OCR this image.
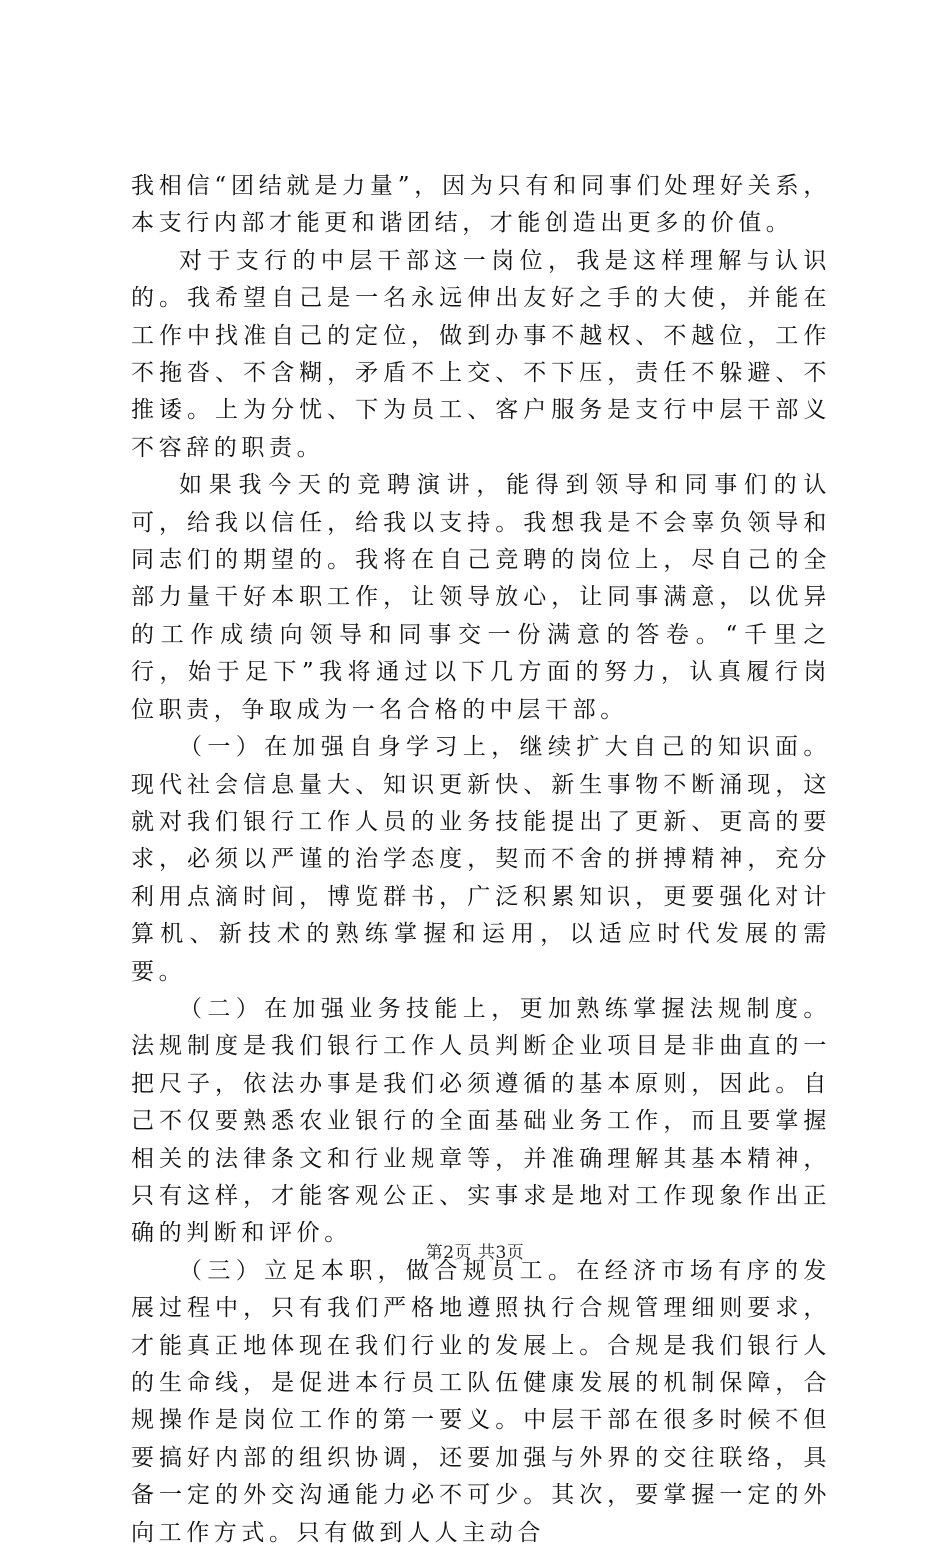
我相信“团结就是力量”，因为只有和同事们处理好关系，本支行内部才能更和谐团结，才能创造出更多的价值。

对于支行的中层干部这一岗位，我是这样理解与认识的。我希望自己是一名永远伸出友好之手的大使，并能在工作中找准自己的定位，做到办事不越权、不越位，工作不拖沓、不含糊，矛盾不上交、不下压，责任不躲避、不推诿。上为分忧、下为员工、客户服务是支行中层干部义不容辞的职责。

如果我今天的竞聘演讲，能得到领导和同事们的认可，给我以信任，给我以支持。我想我是不会辜负领导和同志们的期望的。我将在自己竞聘的岗位上，尽自己的全部力量干好本职工作，让领导放心，让同事满意，以优异的工作成绩向领导和同事交一份满意的答卷。“千里之行，始于足下”我将通过以下几方面的努力，认真履行岗位职责，争取成为一名合格的中层干部。

（一）在加强自身学习上，继续扩大自己的知识面。现代社会信息量大、知识更新快、新生事物不断涌现，这就对我们银行工作人员的业务技能提出了更新、更高的要求，必须以严谨的治学态度，契而不舍的拼搏精神，充分利用点滴时间，博览群书，广泛积累知识，更要强化对计算机、新技术的熟练掌握和运用，以适应时代发展的需要。

（二）在加强业务技能上，更加熟练掌握法规制度。法规制度是我们银行工作人员判断企业项目是非曲直的一把尺子，依法办事是我们必须遵循的基本原则，因此。自己不仅要熟悉农业银行的全面基础业务工作，而且要掌握相关的法律条文和行业规章等，并准确理解其基本精神，只有这样，才能客观公正、实事求是地对工作现象作出正确的判断和评价。

（三）立足本职，做合规员工。在经济市场有序的发展过程中，只有我们严格地遵照执行合规管理细则要求，才能真正地体现在我们行业的发展上。合规是我们银行人的生命线，是促进本行员工队伍健康发展的机制保障，合规操作是岗位工作的第一要义。中层干部在很多时候不但要搞好内部的组织协调，还要加强与外界的交往联络，具备一定的外交沟通能力必不可少。其次，要掌握一定的外向工作方式。只有做到人人主动合

第2页 共3页
